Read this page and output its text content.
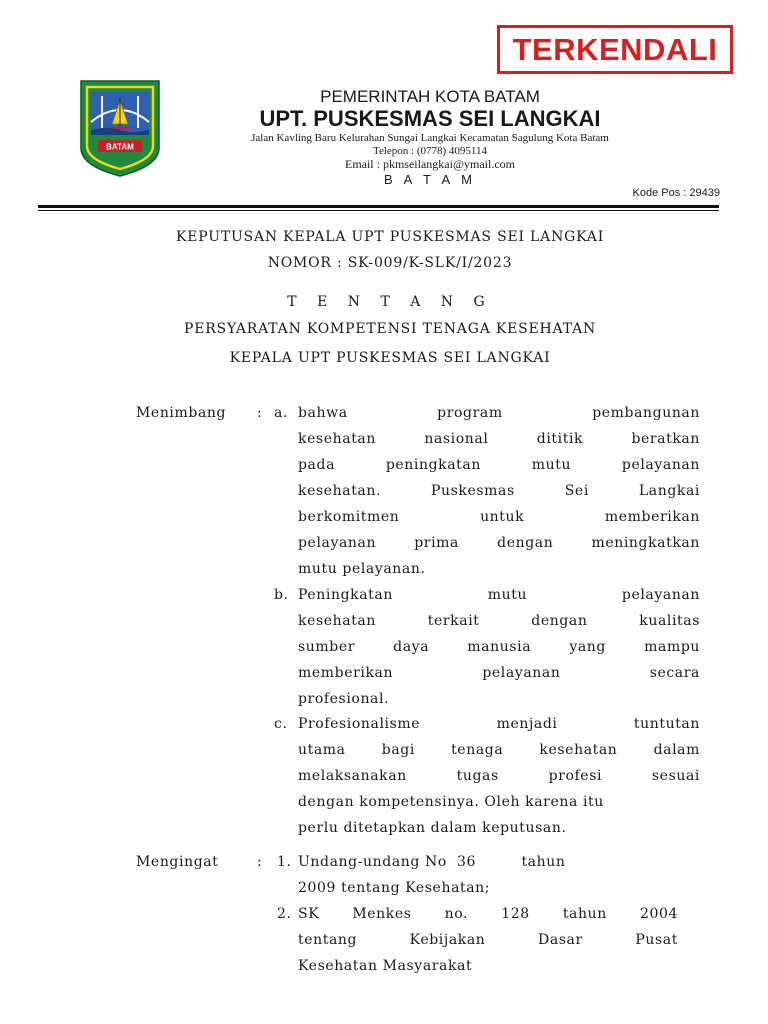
TERKENDALI
BATAM
PEMERINTAH KOTA BATAM
UPT. PUSKESMAS SEI LANGKAI
Jalan Kavling Baru Kelurahan Sungai Langkai Kecamatan Sagulung Kota Batam
Telepon : (0778) 4095114
Email : pkmseilangkai@ymail.com
B A T A M
Kode Pos : 29439
KEPUTUSAN KEPALA UPT PUSKESMAS SEI LANGKAI
NOMOR : SK-009/K-SLK/I/2023
T E N T A N G
PERSYARATAN KOMPETENSI TENAGA KESEHATAN
KEPALA UPT PUSKESMAS SEI LANGKAI
Menimbang : a. bahwa program pembangunan
kesehatan nasional dititik beratkan
pada peningkatan mutu pelayanan
kesehatan. Puskesmas Sei Langkai
berkomitmen untuk memberikan
pelayanan prima dengan meningkatkan
mutu pelayanan.
b. Peningkatan mutu pelayanan
kesehatan terkait dengan kualitas
sumber daya manusia yang mampu
memberikan pelayanan secara
profesional.
c. Profesionalisme menjadi tuntutan
utama bagi tenaga kesehatan dalam
melaksanakan tugas profesi sesuai
dengan kompetensinya. Oleh karena itu
perlu ditetapkan dalam keputusan.
Mengingat	: 1. Undang-undang No  36         tahun
2009 tentang Kesehatan;
2. SK Menkes no. 128 tahun 2004
tentang Kebijakan Dasar Pusat
Kesehatan Masyarakat
